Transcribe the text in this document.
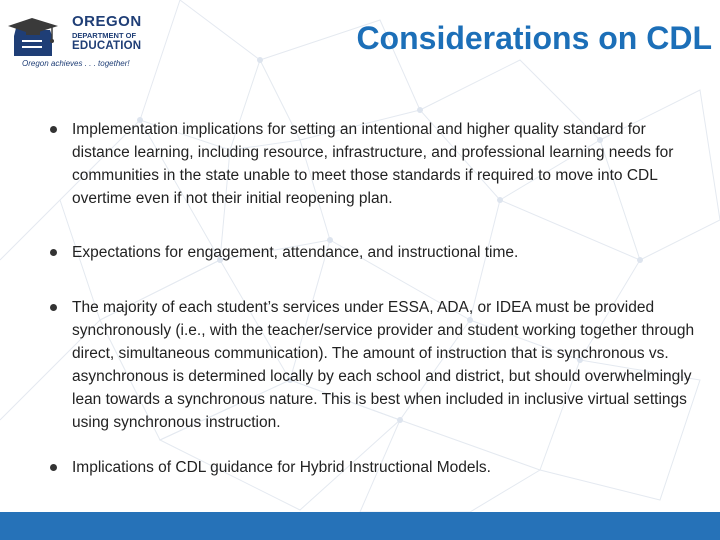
OREGON
DEPARTMENT OF
EDUCATION
Oregon achieves . . . together!
Considerations on CDL
Implementation implications for setting an intentional and higher quality standard for distance learning, including resource, infrastructure, and professional learning needs for communities in the state unable to meet those standards if required to move into CDL overtime even if not their initial reopening plan.
Expectations for engagement, attendance, and instructional time.
The majority of each student’s services under ESSA, ADA, or IDEA must be provided synchronously (i.e., with the teacher/service provider and student working together through direct, simultaneous communication). The amount of instruction that is synchronous vs. asynchronous is determined locally by each school and district, but should overwhelmingly lean towards a synchronous nature. This is best when included in inclusive virtual settings using synchronous instruction.
Implications of CDL guidance for Hybrid Instructional Models.
